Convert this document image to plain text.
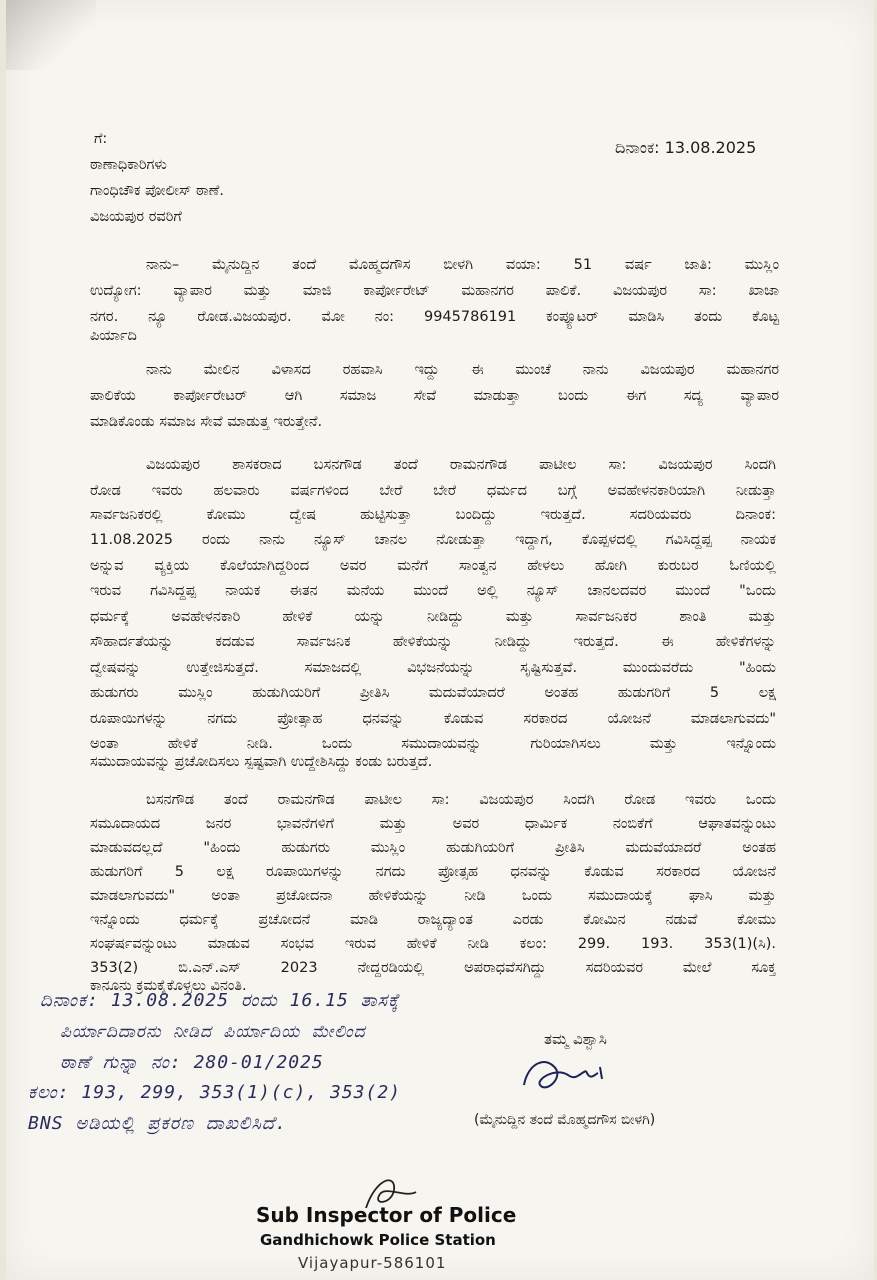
ದಿನಾಂಕ: 13.08.2025
ಗೆ:
ಠಾಣಾಧಿಕಾರಿಗಳು
ಗಾಂಧಿಚೌಕ ಪೋಲೀಸ್ ಠಾಣೆ.
ವಿಜಯಪುರ ರವರಿಗೆ
ನಾನು– ಮೈನುದ್ದಿನ ತಂದೆ ಮೊಹ್ಮದಗೌಸ ಬೀಳಗಿ ವಯಾ: 51 ವರ್ಷ ಜಾತಿ: ಮುಸ್ಲಿಂ
ಉದ್ಯೋಗ: ವ್ಯಾಪಾರ ಮತ್ತು ಮಾಜಿ ಕಾರ್ಪೋರೇಟ್ ಮಹಾನಗರ ಪಾಲಿಕೆ. ವಿಜಯಪುರ ಸಾ: ಖಾಜಾ
ನಗರ. ನ್ಯೂ ರೋಡ.ವಿಜಯಪುರ. ಮೋ ನಂ: 9945786191 ಕಂಪ್ಯೂಟರ್ ಮಾಡಿಸಿ ತಂದು ಕೊಟ್ಟ
ಪಿರ್ಯಾದಿ
ನಾನು ಮೇಲಿನ ವಿಳಾಸದ ರಹವಾಸಿ ಇದ್ದು ಈ ಮುಂಚೆ ನಾನು ವಿಜಯಪುರ ಮಹಾನಗರ
ಪಾಲಿಕೆಯ ಕಾರ್ಪೋರೇಟರ್ ಆಗಿ ಸಮಾಜ ಸೇವೆ ಮಾಡುತ್ತಾ ಬಂದು ಈಗ ಸದ್ಯ ವ್ಯಾಪಾರ
ಮಾಡಿಕೊಂಡು ಸಮಾಜ ಸೇವೆ ಮಾಡುತ್ತ ಇರುತ್ತೇನೆ.
ವಿಜಯಪುರ ಶಾಸಕರಾದ ಬಸನಗೌಡ ತಂದೆ ರಾಮನಗೌಡ ಪಾಟೀಲ ಸಾ: ವಿಜಯಪುರ ಸಿಂದಗಿ
ರೋಡ ಇವರು ಹಲವಾರು ವರ್ಷಗಳಿಂದ ಬೇರೆ ಬೇರೆ ಧರ್ಮದ ಬಗ್ಗೆ ಅವಹೇಳನಕಾರಿಯಾಗಿ ನೀಡುತ್ತಾ
ಸಾರ್ವಜನಿಕರಲ್ಲಿ ಕೋಮು ದ್ವೇಷ ಹುಟ್ಟಿಸುತ್ತಾ ಬಂದಿದ್ದು ಇರುತ್ತದೆ. ಸದರಿಯವರು ದಿನಾಂಕ:
11.08.2025 ರಂದು ನಾನು ನ್ಯೂಸ್ ಚಾನಲ ನೋಡುತ್ತಾ ಇದ್ದಾಗ, ಕೊಪ್ಪಳದಲ್ಲಿ ಗವಿಸಿದ್ದಪ್ಪ ನಾಯಕ
ಅನ್ನುವ ವ್ಯಕ್ತಿಯ ಕೊಲೆಯಾಗಿದ್ದರಿಂದ ಅವರ ಮನೆಗೆ ಸಾಂತ್ವನ ಹೇಳಲು ಹೋಗಿ ಕುರುಬರ ಓಣಿಯಲ್ಲಿ
ಇರುವ ಗವಿಸಿದ್ದಪ್ಪ ನಾಯಕ ಈತನ ಮನೆಯ ಮುಂದೆ ಅಲ್ಲಿ ನ್ಯೂಸ್ ಚಾನಲದವರ ಮುಂದೆ "ಒಂದು
ಧರ್ಮಕ್ಕೆ ಅವಹೇಳನಕಾರಿ ಹೇಳಿಕೆ ಯನ್ನು ನೀಡಿದ್ದು ಮತ್ತು ಸಾರ್ವಜನಿಕರ ಶಾಂತಿ ಮತ್ತು
ಸೌಹಾರ್ದತೆಯನ್ನು ಕದಡುವ ಸಾರ್ವಜನಿಕ ಹೇಳಿಕೆಯನ್ನು ನೀಡಿದ್ದು ಇರುತ್ತದೆ. ಈ ಹೇಳಿಕೆಗಳನ್ನು
ದ್ವೇಷವನ್ನು ಉತ್ತೇಜಿಸುತ್ತದೆ. ಸಮಾಜದಲ್ಲಿ ವಿಭಜನೆಯನ್ನು ಸೃಷ್ಟಿಸುತ್ತವೆ. ಮುಂದುವರೆದು "ಹಿಂದು
ಹುಡುಗರು ಮುಸ್ಲಿಂ ಹುಡುಗಿಯರಿಗೆ ಪ್ರೀತಿಸಿ ಮದುವೆಯಾದರೆ ಅಂತಹ ಹುಡುಗರಿಗೆ 5 ಲಕ್ಷ
ರೂಪಾಯಿಗಳನ್ನು ನಗದು ಪ್ರೋತ್ಸಾಹ ಧನವನ್ನು ಕೊಡುವ ಸರಕಾರದ ಯೋಜನೆ ಮಾಡಲಾಗುವದು"
ಅಂತಾ ಹೇಳಿಕೆ ನೀಡಿ. ಒಂದು ಸಮುದಾಯವನ್ನು ಗುರಿಯಾಗಿಸಲು ಮತ್ತು ಇನ್ನೊಂದು
ಸಮುದಾಯವನ್ನು ಪ್ರಚೋದಿಸಲು ಸ್ಪಷ್ಟವಾಗಿ ಉದ್ದೇಶಿಸಿದ್ದು ಕಂಡು ಬರುತ್ತದೆ.
ಬಸನಗೌಡ ತಂದೆ ರಾಮನಗೌಡ ಪಾಟೀಲ ಸಾ: ವಿಜಯಪುರ ಸಿಂದಗಿ ರೋಡ ಇವರು ಒಂದು
ಸಮೂದಾಯದ ಜನರ ಭಾವನೆಗಳಿಗೆ ಮತ್ತು ಅವರ ಧಾರ್ಮಿಕ ನಂಬಿಕೆಗೆ ಆಘಾತವನ್ನುಂಟು
ಮಾಡುವದಲ್ಲದೆ "ಹಿಂದು ಹುಡುಗರು ಮುಸ್ಲಿಂ ಹುಡುಗಿಯರಿಗೆ ಪ್ರೀತಿಸಿ ಮದುವೆಯಾದರೆ ಅಂತಹ
ಹುಡುಗರಿಗೆ 5 ಲಕ್ಷ ರೂಪಾಯಿಗಳನ್ನು ನಗದು ಪ್ರೋತ್ಸಹ ಧನವನ್ನು ಕೊಡುವ ಸರಕಾರದ ಯೋಜನೆ
ಮಾಡಲಾಗುವದು" ಅಂತಾ ಪ್ರಚೋದನಾ ಹೇಳಿಕೆಯನ್ನು ನೀಡಿ ಒಂದು ಸಮುದಾಯಕ್ಕೆ ಘಾಸಿ ಮತ್ತು
ಇನ್ನೊಂದು ಧರ್ಮಕ್ಕೆ ಪ್ರಚೋದನೆ ಮಾಡಿ ರಾಜ್ಯದ್ಯಾಂತ ಎರಡು ಕೋಮಿನ ನಡುವೆ ಕೋಮು
ಸಂಘರ್ಷವನ್ನುಂಟು ಮಾಡುವ ಸಂಭವ ಇರುವ ಹೇಳಿಕೆ ನೀಡಿ ಕಲಂ: 299. 193. 353(1)(ಸಿ).
353(2) ಬಿ.ಎನ್.ಎಸ್ 2023 ನೇದ್ದರಡಿಯಲ್ಲಿ ಅಪರಾಧವೆಸಗಿದ್ದು ಸದರಿಯವರ ಮೇಲೆ ಸೂಕ್ತ
ಕಾನೂನು ಕ್ರಮಕೈಕೊಳ್ಳಲು ವಿನಂತಿ.
ದಿನಾಂಕ: 13.08.2025 ರಂದು 16.15 ತಾಸಕ್ಕೆ
ಪಿರ್ಯಾದಿದಾರನು ನೀಡಿದ ಪಿರ್ಯಾದಿಯ ಮೇಲಿಂದ
ಠಾಣೆ ಗುನ್ನಾ ನಂ: 280-01/2025
ಕಲಂ: 193, 299, 353(1)(c), 353(2)
BNS ಅಡಿಯಲ್ಲಿ ಪ್ರಕರಣ ದಾಖಲಿಸಿದೆ.
ತಮ್ಮ ವಿಶ್ವಾಸಿ
(ಮೈನುದ್ದಿನ ತಂದೆ ಮೊಹ್ಮದಗೌಸ ಬೀಳಗಿ)
Sub Inspector of Police
Gandhichowk Police Station
Vijayapur-586101
